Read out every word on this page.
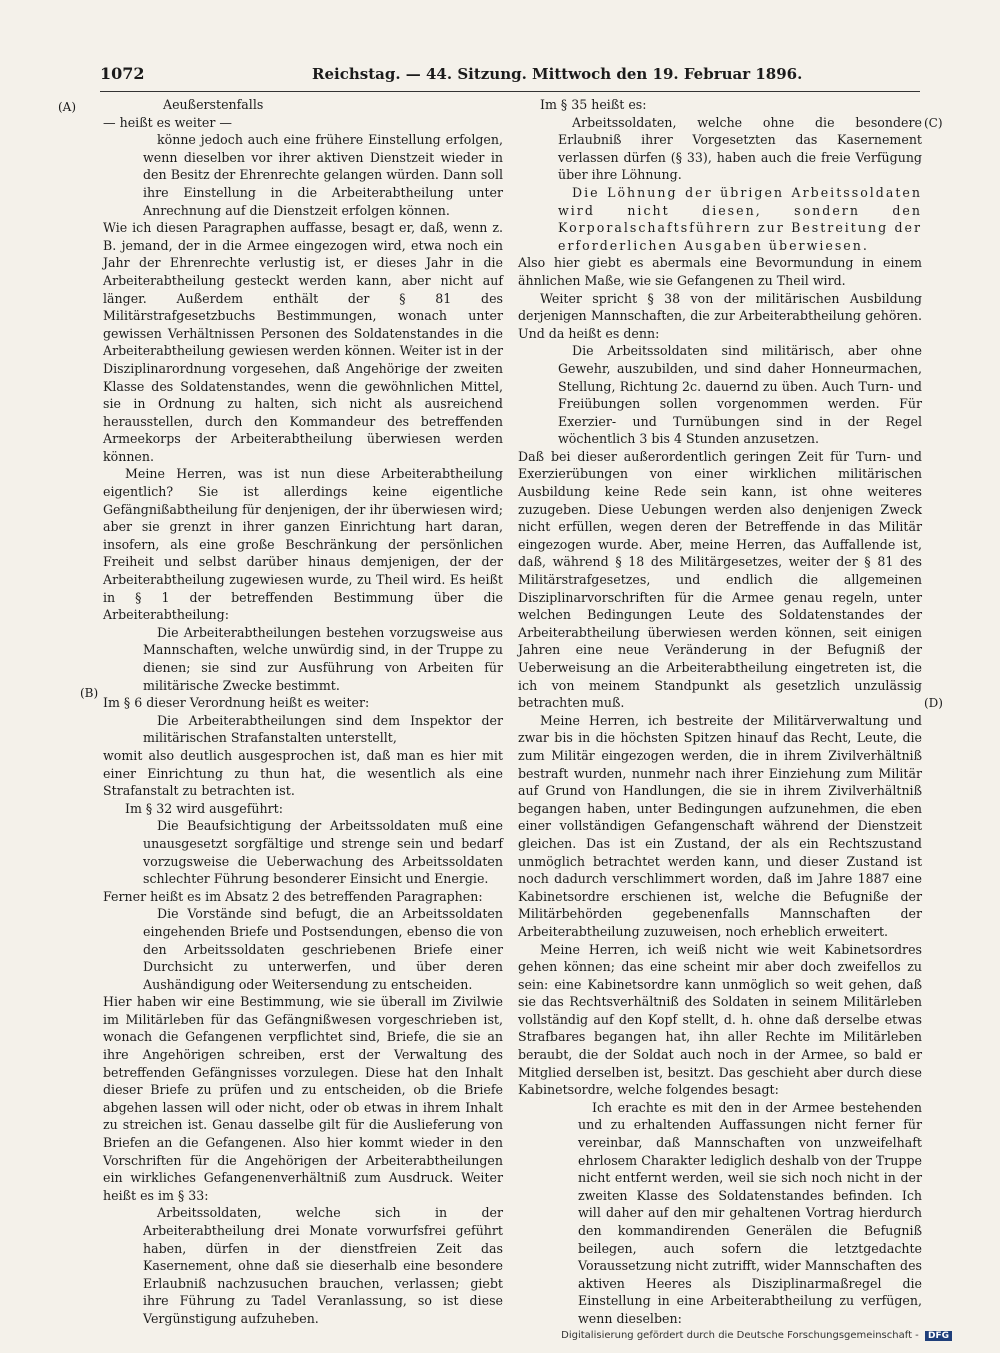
1072	Reichstag. — 44. Sitzung. Mittwoch den 19. Februar 1896.
(A)
(B)
(C)
(D)

Aeußerstenfalls

— heißt es weiter —

könne jedoch auch eine frühere Einstellung erfolgen, wenn dieselben vor ihrer aktiven Dienstzeit wieder in den Besitz der Ehrenrechte gelangen würden. Dann soll ihre Einstellung in die Arbeiterabtheilung unter Anrechnung auf die Dienstzeit erfolgen können.

Wie ich diesen Paragraphen auffasse, besagt er, daß, wenn z. B. jemand, der in die Armee eingezogen wird, etwa noch ein Jahr der Ehrenrechte verlustig ist, er dieses Jahr in die Arbeiterabtheilung gesteckt werden kann, aber nicht auf länger. Außerdem enthält der § 81 des Militärstrafgesetzbuchs Bestimmungen, wonach unter gewissen Verhältnissen Personen des Soldatenstandes in die Arbeiterabtheilung gewiesen werden können. Weiter ist in der Disziplinarordnung vorgesehen, daß Angehörige der zweiten Klasse des Soldatenstandes, wenn die gewöhnlichen Mittel, sie in Ordnung zu halten, sich nicht als ausreichend herausstellen, durch den Kommandeur des betreffenden Armeekorps der Arbeiterabtheilung überwiesen werden können.

Meine Herren, was ist nun diese Arbeiterabtheilung eigentlich? Sie ist allerdings keine eigentliche Gefängnißabtheilung für denjenigen, der ihr überwiesen wird; aber sie grenzt in ihrer ganzen Einrichtung hart daran, insofern, als eine große Beschränkung der persönlichen Freiheit und selbst darüber hinaus demjenigen, der der Arbeiterabtheilung zugewiesen wurde, zu Theil wird. Es heißt in § 1 der betreffenden Bestimmung über die Arbeiterabtheilung:

Die Arbeiterabtheilungen bestehen vorzugsweise aus Mannschaften, welche unwürdig sind, in der Truppe zu dienen; sie sind zur Ausführung von Arbeiten für militärische Zwecke bestimmt.

Im § 6 dieser Verordnung heißt es weiter:

Die Arbeiterabtheilungen sind dem Inspektor der militärischen Strafanstalten unterstellt,

womit also deutlich ausgesprochen ist, daß man es hier mit einer Einrichtung zu thun hat, die wesentlich als eine Strafanstalt zu betrachten ist.

Im § 32 wird ausgeführt:

Die Beaufsichtigung der Arbeitssoldaten muß eine unausgesetzt sorgfältige und strenge sein und bedarf vorzugsweise die Ueberwachung des Arbeitssoldaten schlechter Führung besonderer Einsicht und Energie.

Ferner heißt es im Absatz 2 des betreffenden Paragraphen:

Die Vorstände sind befugt, die an Arbeitssoldaten eingehenden Briefe und Postsendungen, ebenso die von den Arbeitssoldaten geschriebenen Briefe einer Durchsicht zu unterwerfen, und über deren Aushändigung oder Weitersendung zu entscheiden.

Hier haben wir eine Bestimmung, wie sie überall im Zivilwie im Militärleben für das Gefängnißwesen vorgeschrieben ist, wonach die Gefangenen verpflichtet sind, Briefe, die sie an ihre Angehörigen schreiben, erst der Verwaltung des betreffenden Gefängnisses vorzulegen. Diese hat den Inhalt dieser Briefe zu prüfen und zu entscheiden, ob die Briefe abgehen lassen will oder nicht, oder ob etwas in ihrem Inhalt zu streichen ist. Genau dasselbe gilt für die Auslieferung von Briefen an die Gefangenen. Also hier kommt wieder in den Vorschriften für die Angehörigen der Arbeiterabtheilungen ein wirkliches Gefangenenverhältniß zum Ausdruck. Weiter heißt es im § 33:

Arbeitssoldaten, welche sich in der Arbeiterabtheilung drei Monate vorwurfsfrei geführt haben, dürfen in der dienstfreien Zeit das Kasernement, ohne daß sie dieserhalb eine besondere Erlaubniß nachzusuchen brauchen, verlassen; giebt ihre Führung zu Tadel Veranlassung, so ist diese Vergünstigung aufzuheben.

Im § 35 heißt es:

Arbeitssoldaten, welche ohne die besondere Erlaubniß ihrer Vorgesetzten das Kasernement verlassen dürfen (§ 33), haben auch die freie Verfügung über ihre Löhnung.

Die Löhnung der übrigen Arbeitssoldaten wird nicht diesen, sondern den Korporalschaftsführern zur Bestreitung der erforderlichen Ausgaben überwiesen.

Also hier giebt es abermals eine Bevormundung in einem ähnlichen Maße, wie sie Gefangenen zu Theil wird.

Weiter spricht § 38 von der militärischen Ausbildung derjenigen Mannschaften, die zur Arbeiterabtheilung gehören. Und da heißt es denn:

Die Arbeitssoldaten sind militärisch, aber ohne Gewehr, auszubilden, und sind daher Honneurmachen, Stellung, Richtung 2c. dauernd zu üben. Auch Turn- und Freiübungen sollen vorgenommen werden. Für Exerzier- und Turnübungen sind in der Regel wöchentlich 3 bis 4 Stunden anzusetzen.

Daß bei dieser außerordentlich geringen Zeit für Turn- und Exerzierübungen von einer wirklichen militärischen Ausbildung keine Rede sein kann, ist ohne weiteres zuzugeben. Diese Uebungen werden also denjenigen Zweck nicht erfüllen, wegen deren der Betreffende in das Militär eingezogen wurde. Aber, meine Herren, das Auffallende ist, daß, während § 18 des Militärgesetzes, weiter der § 81 des Militärstrafgesetzes, und endlich die allgemeinen Disziplinarvorschriften für die Armee genau regeln, unter welchen Bedingungen Leute des Soldatenstandes der Arbeiterabtheilung überwiesen werden können, seit einigen Jahren eine neue Veränderung in der Befugniß der Ueberweisung an die Arbeiterabtheilung eingetreten ist, die ich von meinem Standpunkt als gesetzlich unzulässig betrachten muß.

Meine Herren, ich bestreite der Militärverwaltung und zwar bis in die höchsten Spitzen hinauf das Recht, Leute, die zum Militär eingezogen werden, die in ihrem Zivilverhältniß bestraft wurden, nunmehr nach ihrer Einziehung zum Militär auf Grund von Handlungen, die sie in ihrem Zivilverhältniß begangen haben, unter Bedingungen aufzunehmen, die eben einer vollständigen Gefangenschaft während der Dienstzeit gleichen. Das ist ein Zustand, der als ein Rechtszustand unmöglich betrachtet werden kann, und dieser Zustand ist noch dadurch verschlimmert worden, daß im Jahre 1887 eine Kabinetsordre erschienen ist, welche die Befugniße der Militärbehörden gegebenenfalls Mannschaften der Arbeiterabtheilung zuzuweisen, noch erheblich erweitert.

Meine Herren, ich weiß nicht wie weit Kabinetsordres gehen können; das eine scheint mir aber doch zweifellos zu sein: eine Kabinetsordre kann unmöglich so weit gehen, daß sie das Rechtsverhältniß des Soldaten in seinem Militärleben vollständig auf den Kopf stellt, d. h. ohne daß derselbe etwas Strafbares begangen hat, ihn aller Rechte im Militärleben beraubt, die der Soldat auch noch in der Armee, so bald er Mitglied derselben ist, besitzt. Das geschieht aber durch diese Kabinetsordre, welche folgendes besagt:

Ich erachte es mit den in der Armee bestehenden und zu erhaltenden Auffassungen nicht ferner für vereinbar, daß Mannschaften von unzweifelhaft ehrlosem Charakter lediglich deshalb von der Truppe nicht entfernt werden, weil sie sich noch nicht in der zweiten Klasse des Soldatenstandes befinden. Ich will daher auf den mir gehaltenen Vortrag hierdurch den kommandirenden Generälen die Befugniß beilegen, auch sofern die letztgedachte Voraussetzung nicht zutrifft, wider Mannschaften des aktiven Heeres als Disziplinarmaßregel die Einstellung in eine Arbeiterabtheilung zu verfügen, wenn dieselben:

Digitalisierung gefördert durch die Deutsche Forschungsgemeinschaft - DFG
